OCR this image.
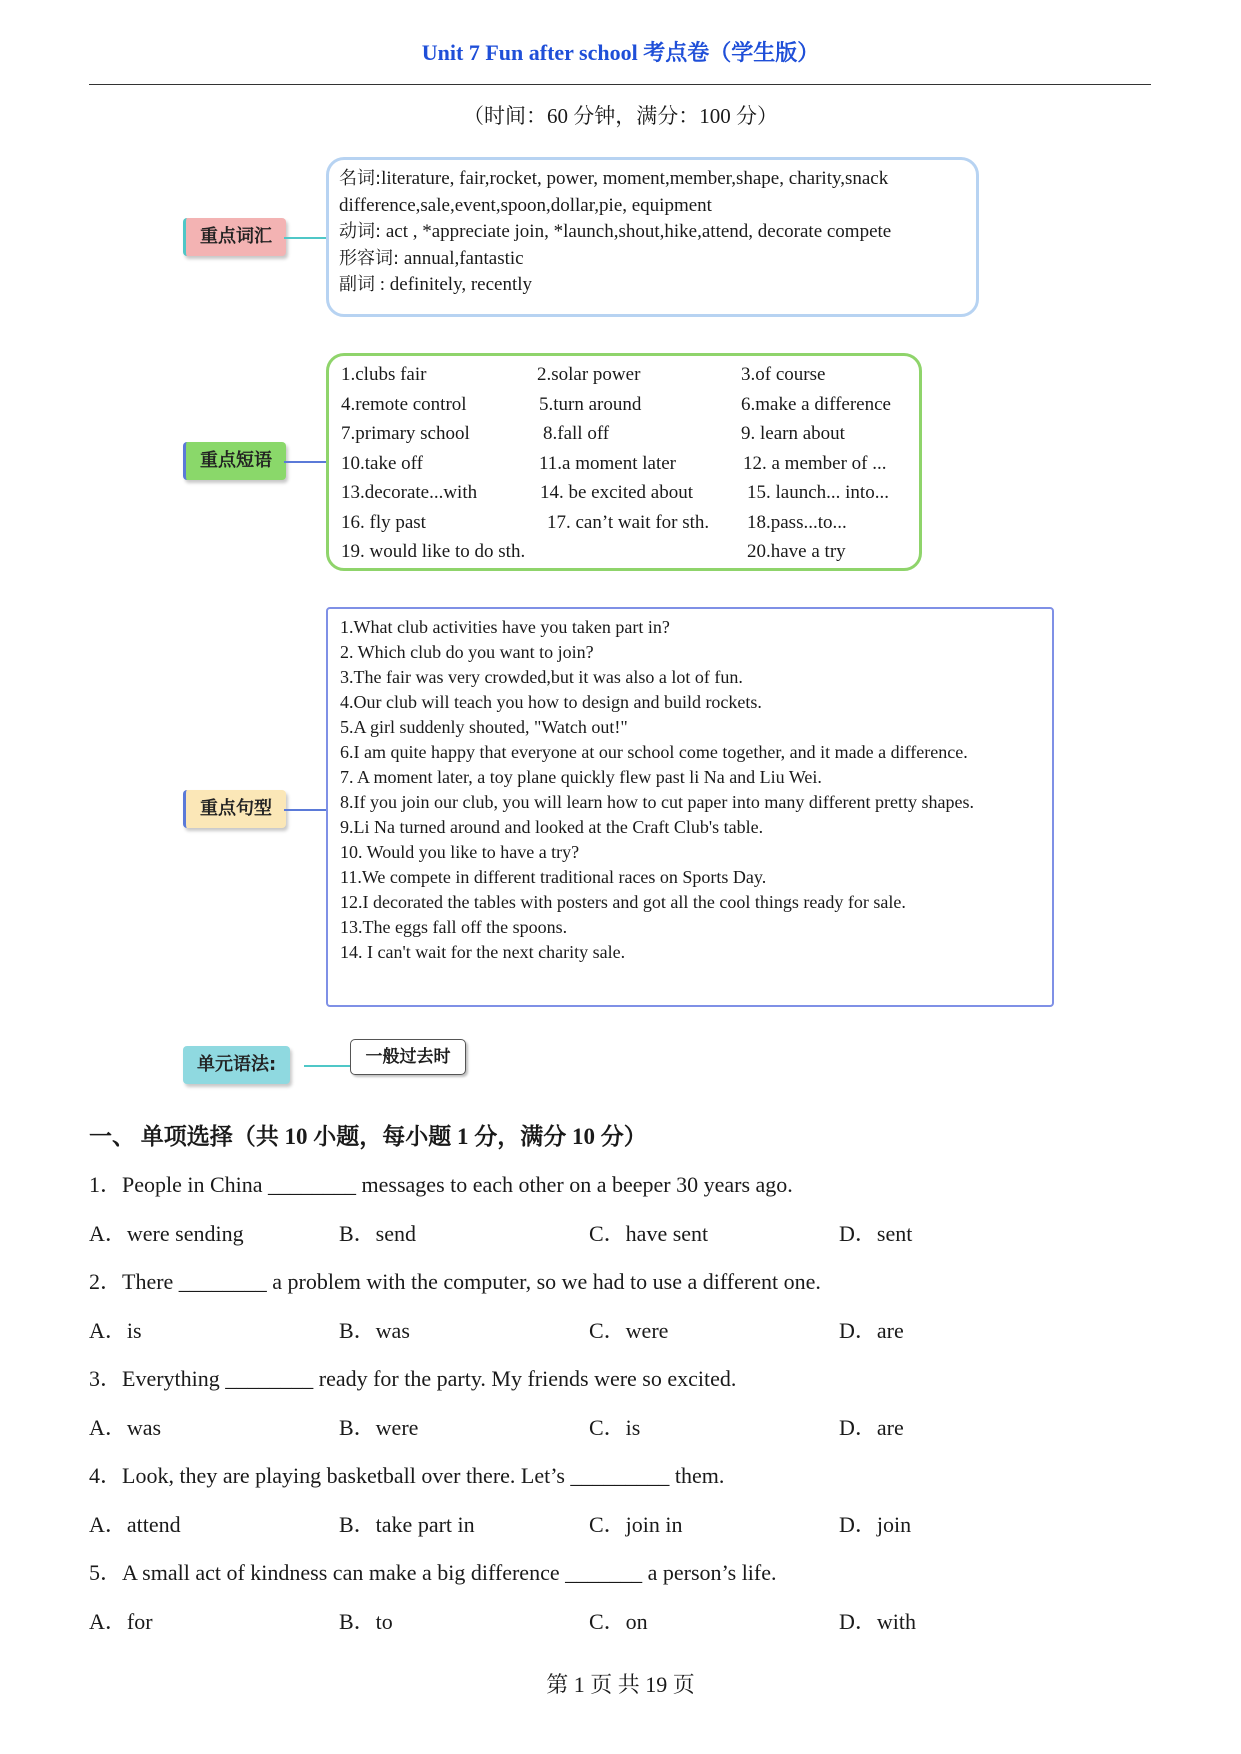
Unit 7 Fun after school 考点卷（学生版）
（时间：60 分钟，满分：100 分）
重点词汇
名词:literature, fair,rocket, power, moment,member,shape, charity,snack
difference,sale,event,spoon,dollar,pie, equipment
动词: act , *appreciate join, *launch,shout,hike,attend, decorate compete
形容词: annual,fantastic
副词 : definitely, recently
重点短语
1.clubs fair	2.solar power	3.of course
4.remote control	5.turn around	6.make a difference
7.primary school	8.fall off	9. learn about
10.take off	11.a moment later	12. a member of ...
13.decorate...with	14. be excited about	15. launch... into...
16. fly past	17. can’t wait for sth. 18.pass...to...
19. would like to do sth.	20.have a try
重点句型
1.What club activities have you taken part in?
2. Which club do you want to join?
3.The fair was very crowded,but it was also a lot of fun.
4.Our club will teach you how to design and build rockets.
5.A girl suddenly shouted, "Watch out!"
6.I am quite happy that everyone at our school come together, and it made a difference.
7. A moment later, a toy plane quickly flew past li Na and Liu Wei.
8.If you join our club, you will learn how to cut paper into many different pretty shapes.
9.Li Na turned around and looked at the Craft Club's table.
10. Would you like to have a try?
11.We compete in different traditional races on Sports Day.
12.I decorated the tables with posters and got all the cool things ready for sale.
13.The eggs fall off the spoons.
14. I can't wait for the next charity sale.
单元语法:	一般过去时
一、 单项选择（共 10 小题，每小题 1 分，满分 10 分）
1．People in China ________ messages to each other on a beeper 30 years ago.
A．were sending	B．send	C．have sent	D．sent
2．There ________ a problem with the computer, so we had to use a different one.
A．is	B．was	C．were	D．are
3．Everything ________ ready for the party. My friends were so excited.
A．was	B．were	C．is	D．are
4．Look, they are playing basketball over there. Let’s _________ them.
A．attend	B．take part in	C．join in	D．join
5．A small act of kindness can make a big difference _______ a person’s life.
A．for	B．to	C．on	D．with
第 1 页 共 19 页
